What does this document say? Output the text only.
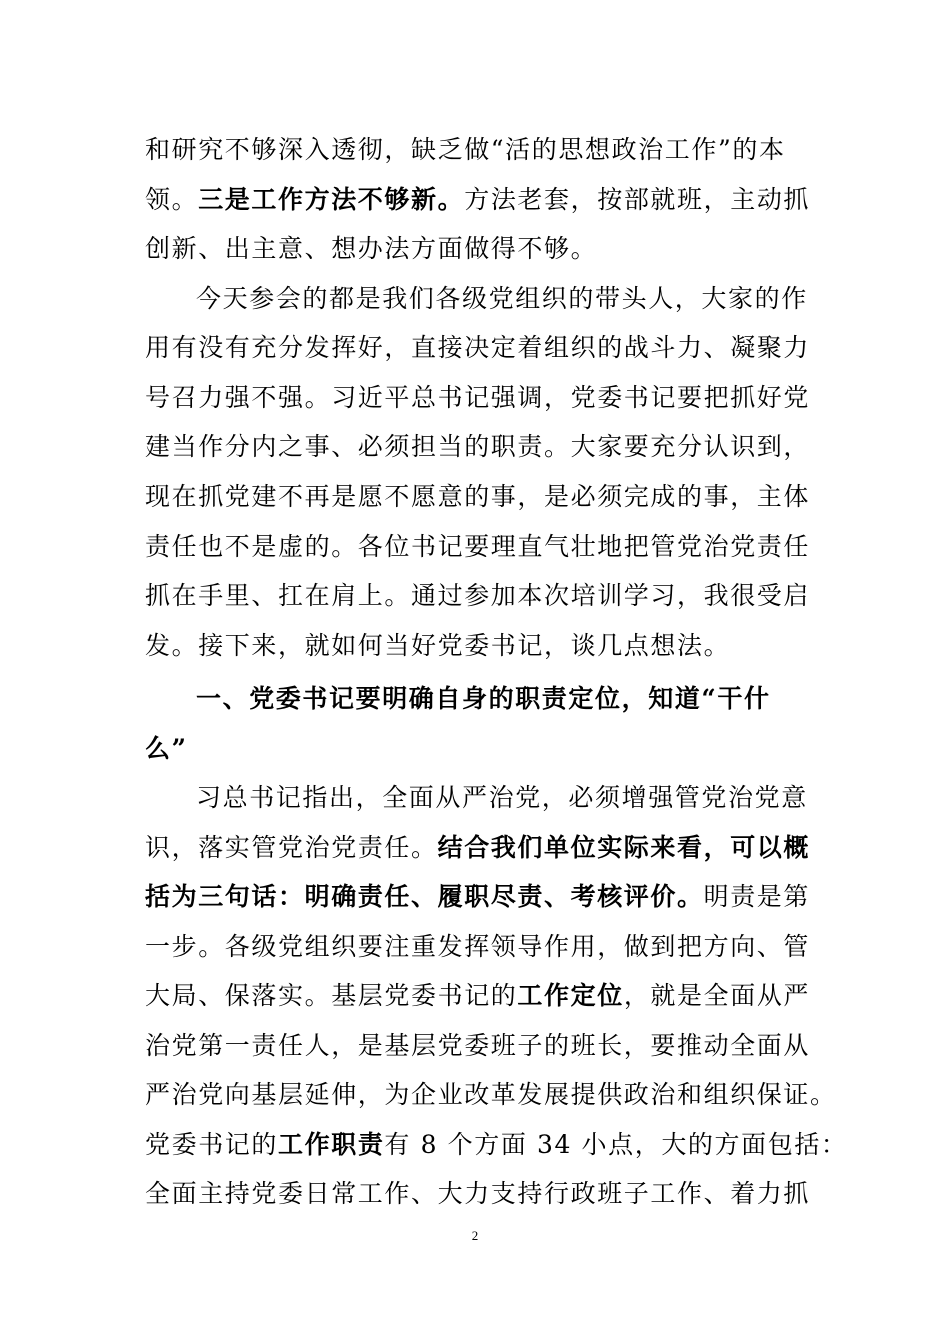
和研究不够深入透彻，缺乏做“活的思想政治工作”的本

领。三是工作方法不够新。方法老套，按部就班，主动抓

创新、出主意、想办法方面做得不够。

今天参会的都是我们各级党组织的带头人，大家的作

用有没有充分发挥好，直接决定着组织的战斗力、凝聚力

号召力强不强。习近平总书记强调，党委书记要把抓好党

建当作分内之事、必须担当的职责。大家要充分认识到，

现在抓党建不再是愿不愿意的事，是必须完成的事，主体

责任也不是虚的。各位书记要理直气壮地把管党治党责任

抓在手里、扛在肩上。通过参加本次培训学习，我很受启

发。接下来，就如何当好党委书记，谈几点想法。

一、党委书记要明确自身的职责定位，知道“干什

么”

习总书记指出，全面从严治党，必须增强管党治党意

识，落实管党治党责任。结合我们单位实际来看，可以概

括为三句话：明确责任、履职尽责、考核评价。明责是第

一步。各级党组织要注重发挥领导作用，做到把方向、管

大局、保落实。基层党委书记的工作定位，就是全面从严

治党第一责任人，是基层党委班子的班长，要推动全面从

严治党向基层延伸，为企业改革发展提供政治和组织保证。

党委书记的工作职责有 8 个方面 34 小点，大的方面包括：

全面主持党委日常工作、大力支持行政班子工作、着力抓

2
